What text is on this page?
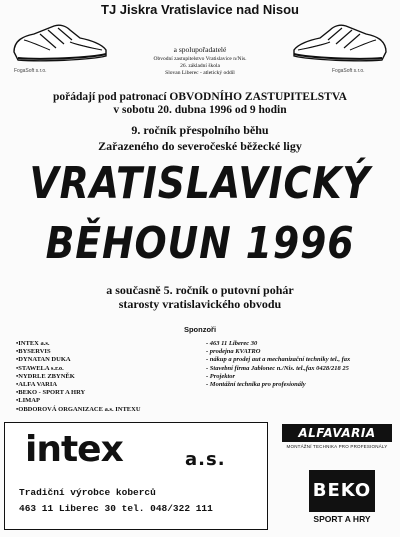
TJ Jiskra Vratislavice nad Nisou
FogaSoft s.r.o.	FogaSoft s.r.o.
a spolupořadatelé
Obvodní zastupitelstvo Vratislavice n/Nis.
26. základní škola
Slovan Liberec - atletický oddíl
pořádají pod patronací OBVODNÍHO ZASTUPITELSTVA
v sobotu 20. dubna 1996 od 9 hodin
9. ročník přespolního běhu
Zařazeného do severočeské běžecké ligy
VRATISLAVICKÝ
BĚHOUN 1996
a současně 5. ročník o putovní pohár
starosty vratislavického obvodu
Sponzoři
•INTEX a.s.
•BYSERVIS
•DYNATAN DUKA
•STAWELA s.r.o.
•NYDRLE ZBYNĚK
•ALFA VARIA
•BEKO - SPORT A HRY
•LIMAP
•OBDOROVÁ ORGANIZACE a.s. INTEXU
- 463 11 Liberec 30
- prodejna KVATRO
- nákup a prodej aut a mechanizační techniky tel., fax
- Stavební firma Jablonec n./Nis. tel.,fax 0428/218 25
- Projektor
- Montážní technika pro profesionály
intex	a.s.
Tradiční výrobce koberců
463 11 Liberec 30 tel. 048/322 111
ALFAVARIA
MONTÁŽNÍ TECHNIKA PRO PROFESIONÁLY
BEKO
SPORT A HRY
